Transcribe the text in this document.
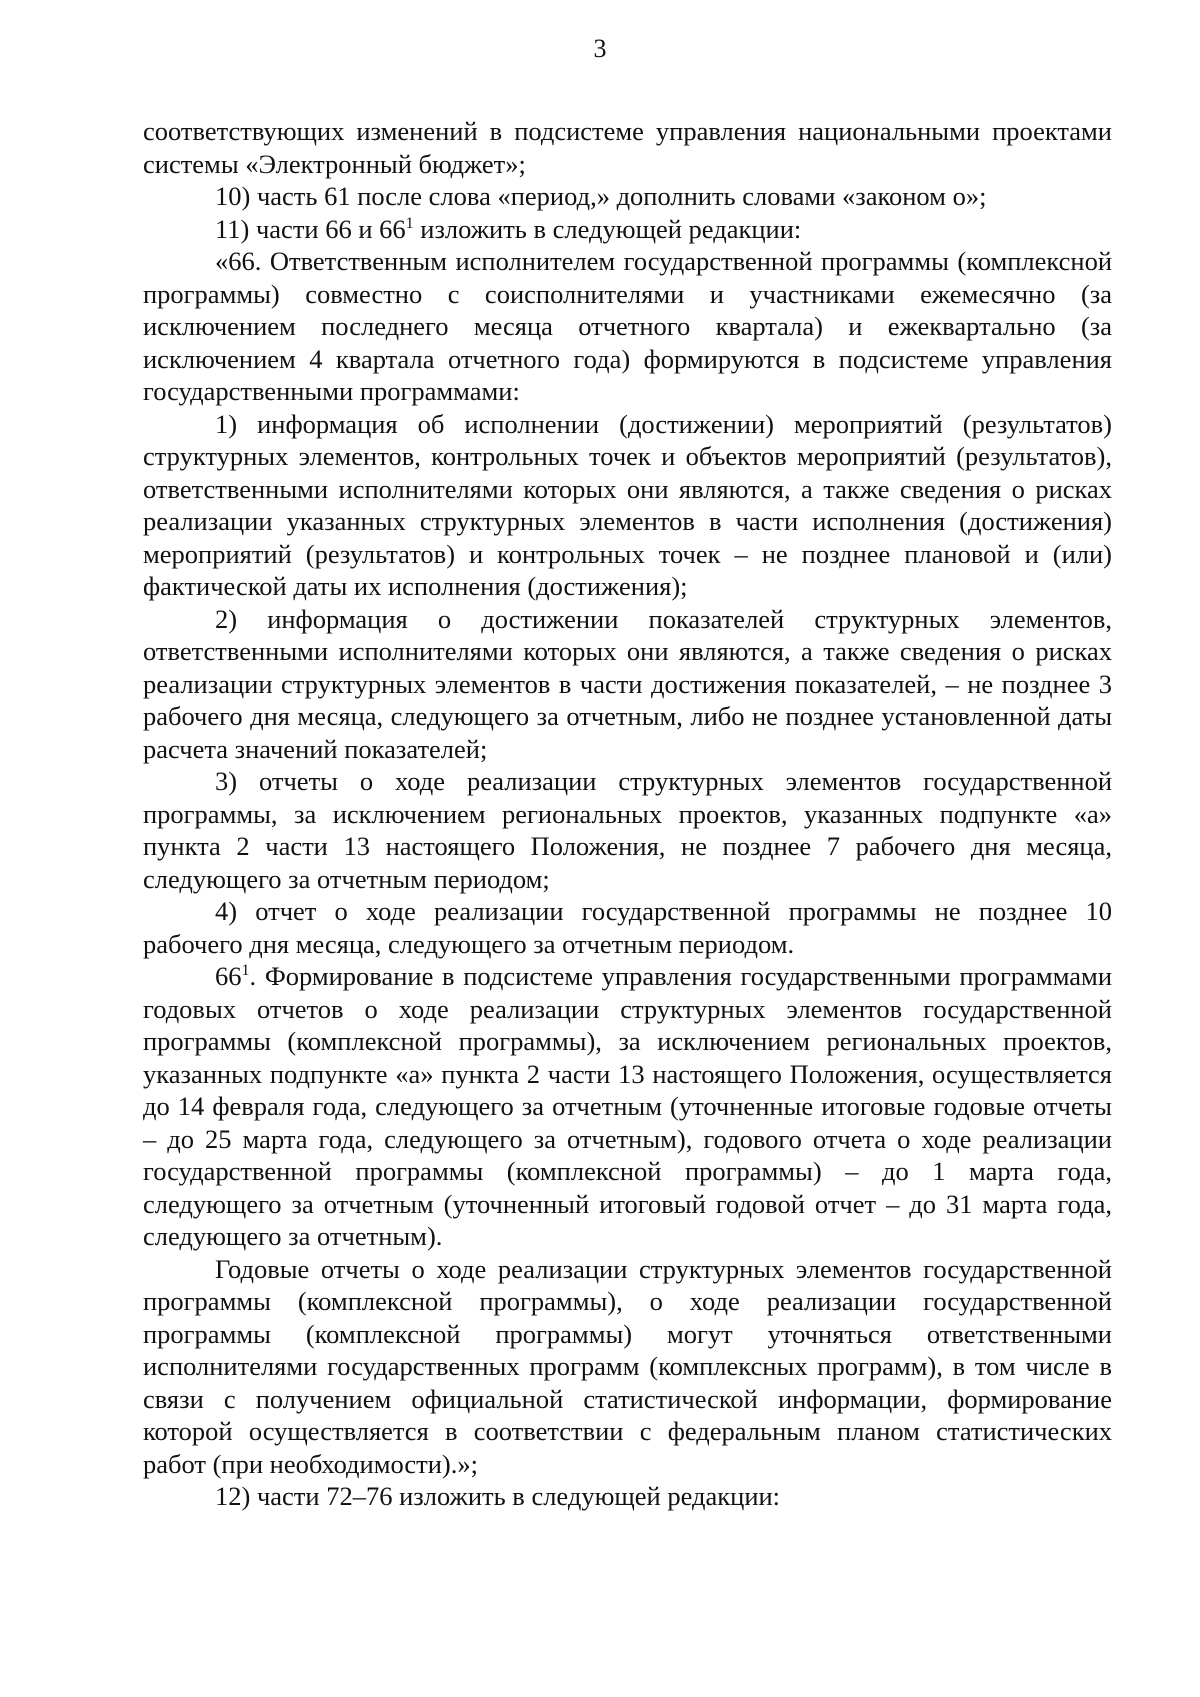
3

соответствующих изменений в подсистеме управления национальными проектами системы «Электронный бюджет»;

10) часть 61 после слова «период,» дополнить словами «законом о»;

11) части 66 и $66^1$ изложить в следующей редакции:

«66. Ответственным исполнителем государственной программы (комплексной программы) совместно с соисполнителями и участниками ежемесячно (за исключением последнего месяца отчетного квартала) и ежеквартально (за исключением 4 квартала отчетного года) формируются в подсистеме управления государственными программами:

1) информация об исполнении (достижении) мероприятий (результатов) структурных элементов, контрольных точек и объектов мероприятий (результатов), ответственными исполнителями которых они являются, а также сведения о рисках реализации указанных структурных элементов в части исполнения (достижения) мероприятий (результатов) и контрольных точек – не позднее плановой и (или) фактической даты их исполнения (достижения);

2) информация о достижении показателей структурных элементов, ответственными исполнителями которых они являются, а также сведения о рисках реализации структурных элементов в части достижения показателей, – не позднее 3 рабочего дня месяца, следующего за отчетным, либо не позднее установленной даты расчета значений показателей;

3) отчеты о ходе реализации структурных элементов государственной программы, за исключением региональных проектов, указанных подпункте «а» пункта 2 части 13 настоящего Положения, не позднее 7 рабочего дня месяца, следующего за отчетным периодом;

4) отчет о ходе реализации государственной программы не позднее 10 рабочего дня месяца, следующего за отчетным периодом.

$66^1$. Формирование в подсистеме управления государственными программами годовых отчетов о ходе реализации структурных элементов государственной программы (комплексной программы), за исключением региональных проектов, указанных подпункте «а» пункта 2 части 13 настоящего Положения, осуществляется до 14 февраля года, следующего за отчетным (уточненные итоговые годовые отчеты – до 25 марта года, следующего за отчетным), годового отчета о ходе реализации государственной программы (комплексной программы) – до 1 марта года, следующего за отчетным (уточненный итоговый годовой отчет – до 31 марта года, следующего за отчетным).

Годовые отчеты о ходе реализации структурных элементов государственной программы (комплексной программы), о ходе реализации государственной программы (комплексной программы) могут уточняться ответственными исполнителями государственных программ (комплексных программ), в том числе в связи с получением официальной статистической информации, формирование которой осуществляется в соответствии с федеральным планом статистических работ (при необходимости).»;

12) части 72–76 изложить в следующей редакции:
